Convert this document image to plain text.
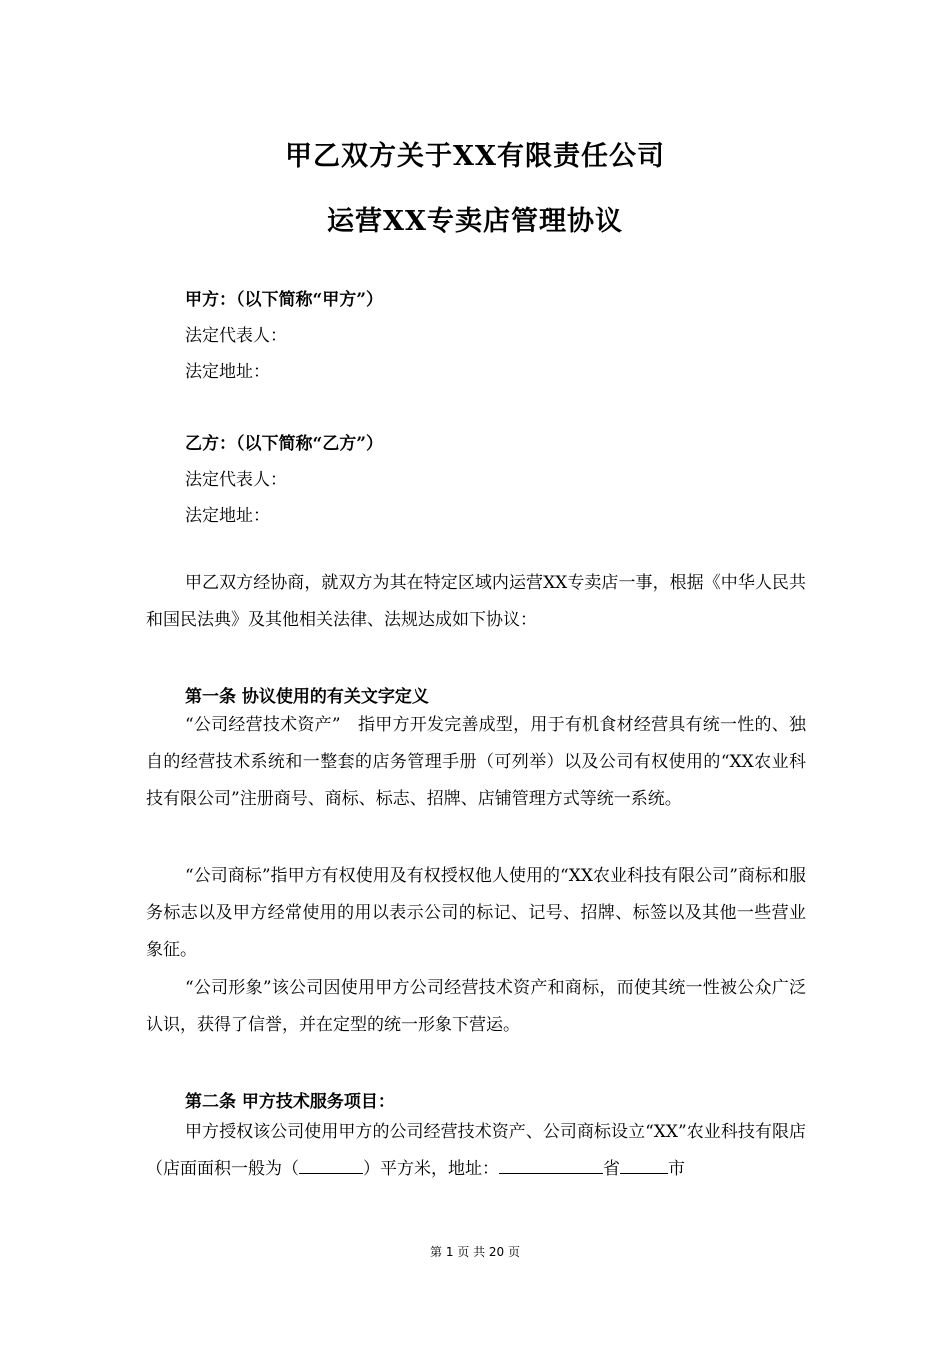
甲乙双方关于XX有限责任公司
运营XX专卖店管理协议
甲方：（以下简称“甲方”）
法定代表人：
法定地址：
乙方：（以下简称“乙方”）
法定代表人：
法定地址：
甲乙双方经协商，就双方为其在特定区域内运营XX专卖店一事，根据《中华人民共和国民法典》及其他相关法律、法规达成如下协议：
第一条 协议使用的有关文字定义
“公司经营技术资产”　指甲方开发完善成型，用于有机食材经营具有统一性的、独自的经营技术系统和一整套的店务管理手册（可列举）以及公司有权使用的“XX农业科技有限公司”注册商号、商标、标志、招牌、店铺管理方式等统一系统。
“公司商标”指甲方有权使用及有权授权他人使用的“XX农业科技有限公司”商标和服务标志以及甲方经常使用的用以表示公司的标记、记号、招牌、标签以及其他一些营业象征。
“公司形象”该公司因使用甲方公司经营技术资产和商标，而使其统一性被公众广泛认识，获得了信誉，并在定型的统一形象下营运。
第二条 甲方技术服务项目：
甲方授权该公司使用甲方的公司经营技术资产、公司商标设立“XX”农业科技有限店（店面面积一般为（	）平方米，地址：	省	市
第 1 页 共 20 页
